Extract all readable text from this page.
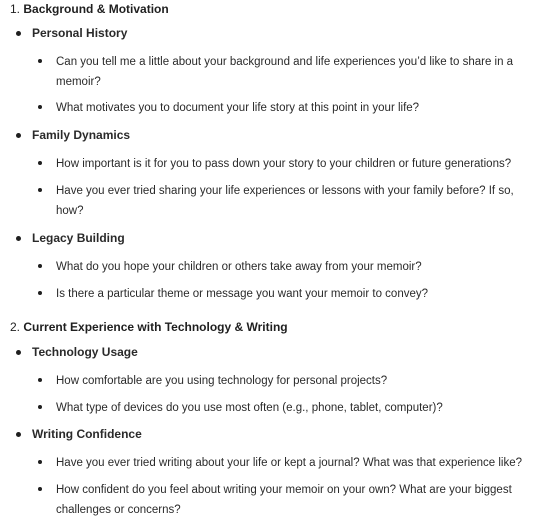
1. Background & Motivation
Personal History
Can you tell me a little about your background and life experiences you’d like to share in a memoir?
What motivates you to document your life story at this point in your life?
Family Dynamics
How important is it for you to pass down your story to your children or future generations?
Have you ever tried sharing your life experiences or lessons with your family before? If so, how?
Legacy Building
What do you hope your children or others take away from your memoir?
Is there a particular theme or message you want your memoir to convey?
2. Current Experience with Technology & Writing
Technology Usage
How comfortable are you using technology for personal projects?
What type of devices do you use most often (e.g., phone, tablet, computer)?
Writing Confidence
Have you ever tried writing about your life or kept a journal? What was that experience like?
How confident do you feel about writing your memoir on your own? What are your biggest challenges or concerns?
